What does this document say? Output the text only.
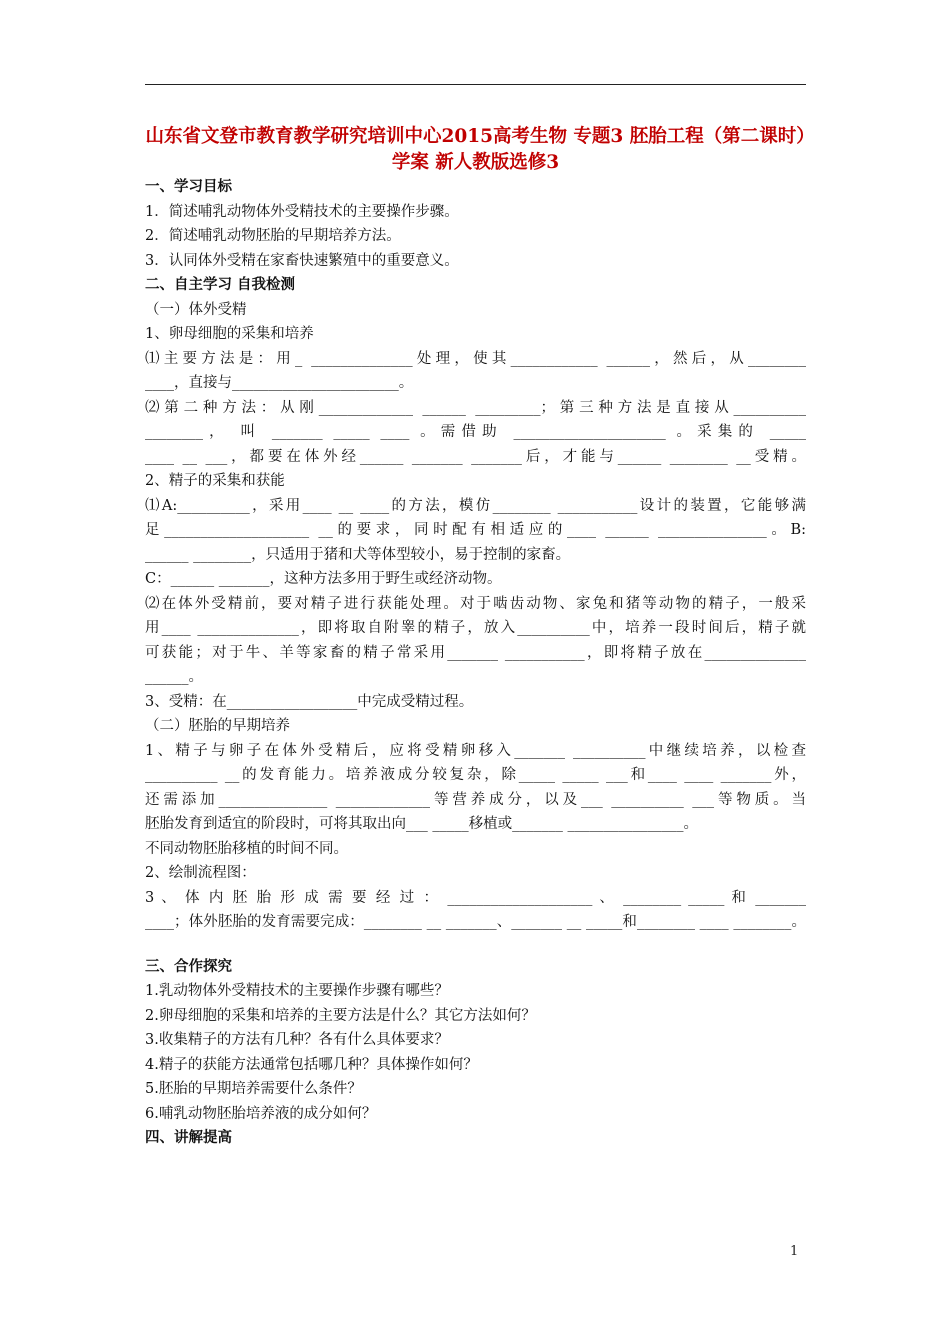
山东省文登市教育教学研究培训中心2015高考生物 专题3 胚胎工程（第二课时）学案 新人教版选修3

一、学习目标

1．简述哺乳动物体外受精技术的主要操作步骤。

2．简述哺乳动物胚胎的早期培养方法。

3．认同体外受精在家畜快速繁殖中的重要意义。

二、自主学习 自我检测

（一）体外受精

1、卵母细胞的采集和培养

⑴主要方法是：用_ ______________处理，使其____________ ______，然后，从________

____，直接与_______________________。

⑵第二种方法：从刚_____________ ______ _________；第三种方法是直接从__________

________， 叫 _______ _____ ____ 。需借助 _____________________ 。采集的 _____

____ __ ___，都要在体外经______ _______ _______后，才能与______ ________ __受精。

2、精子的采集和获能

⑴A:__________，采用____ __ ____的方法，模仿________ ___________设计的装置，它能够满

足____________________ __的要求，同时配有相适应的____ ______ _______________。B:

______ ________，只适用于猪和犬等体型较小，易于控制的家畜。

C：______ _______，这种方法多用于野生或经济动物。

⑵在体外受精前，要对精子进行获能处理。对于啮齿动物、家兔和猪等动物的精子，一般采

用____ ______________，即将取自附睾的精子，放入__________中，培养一段时间后，精子就

可获能；对于牛、羊等家畜的精子常采用_______ ___________，即将精子放在______________

______。

3、受精：在__________________中完成受精过程。

（二）胚胎的早期培养

1、精子与卵子在体外受精后，应将受精卵移入_______ __________中继续培养，以检查

__________ __的发育能力。培养液成分较复杂，除_____ _____ ___和____ ____ _______外，

还需添加_______________ _____________等营养成分，以及___ __________ ___等物质。当

胚胎发育到适宜的阶段时，可将其取出向___ _____移植或_______ ________________。

不同动物胚胎移植的时间不同。

2、绘制流程图：

3 、 体 内 胚 胎 形 成 需 要 经 过 ： ____________________ 、 ________ _____ 和 _______

____；体外胚胎的发育需要完成：________ __ _______、_______ __ _____和________ ____ ________。

三、合作探究

1.乳动物体外受精技术的主要操作步骤有哪些？

2.卵母细胞的采集和培养的主要方法是什么？其它方法如何？

3.收集精子的方法有几种？各有什么具体要求？

4.精子的获能方法通常包括哪几种？具体操作如何？

5.胚胎的早期培养需要什么条件？

6.哺乳动物胚胎培养液的成分如何？

四、讲解提高

1
